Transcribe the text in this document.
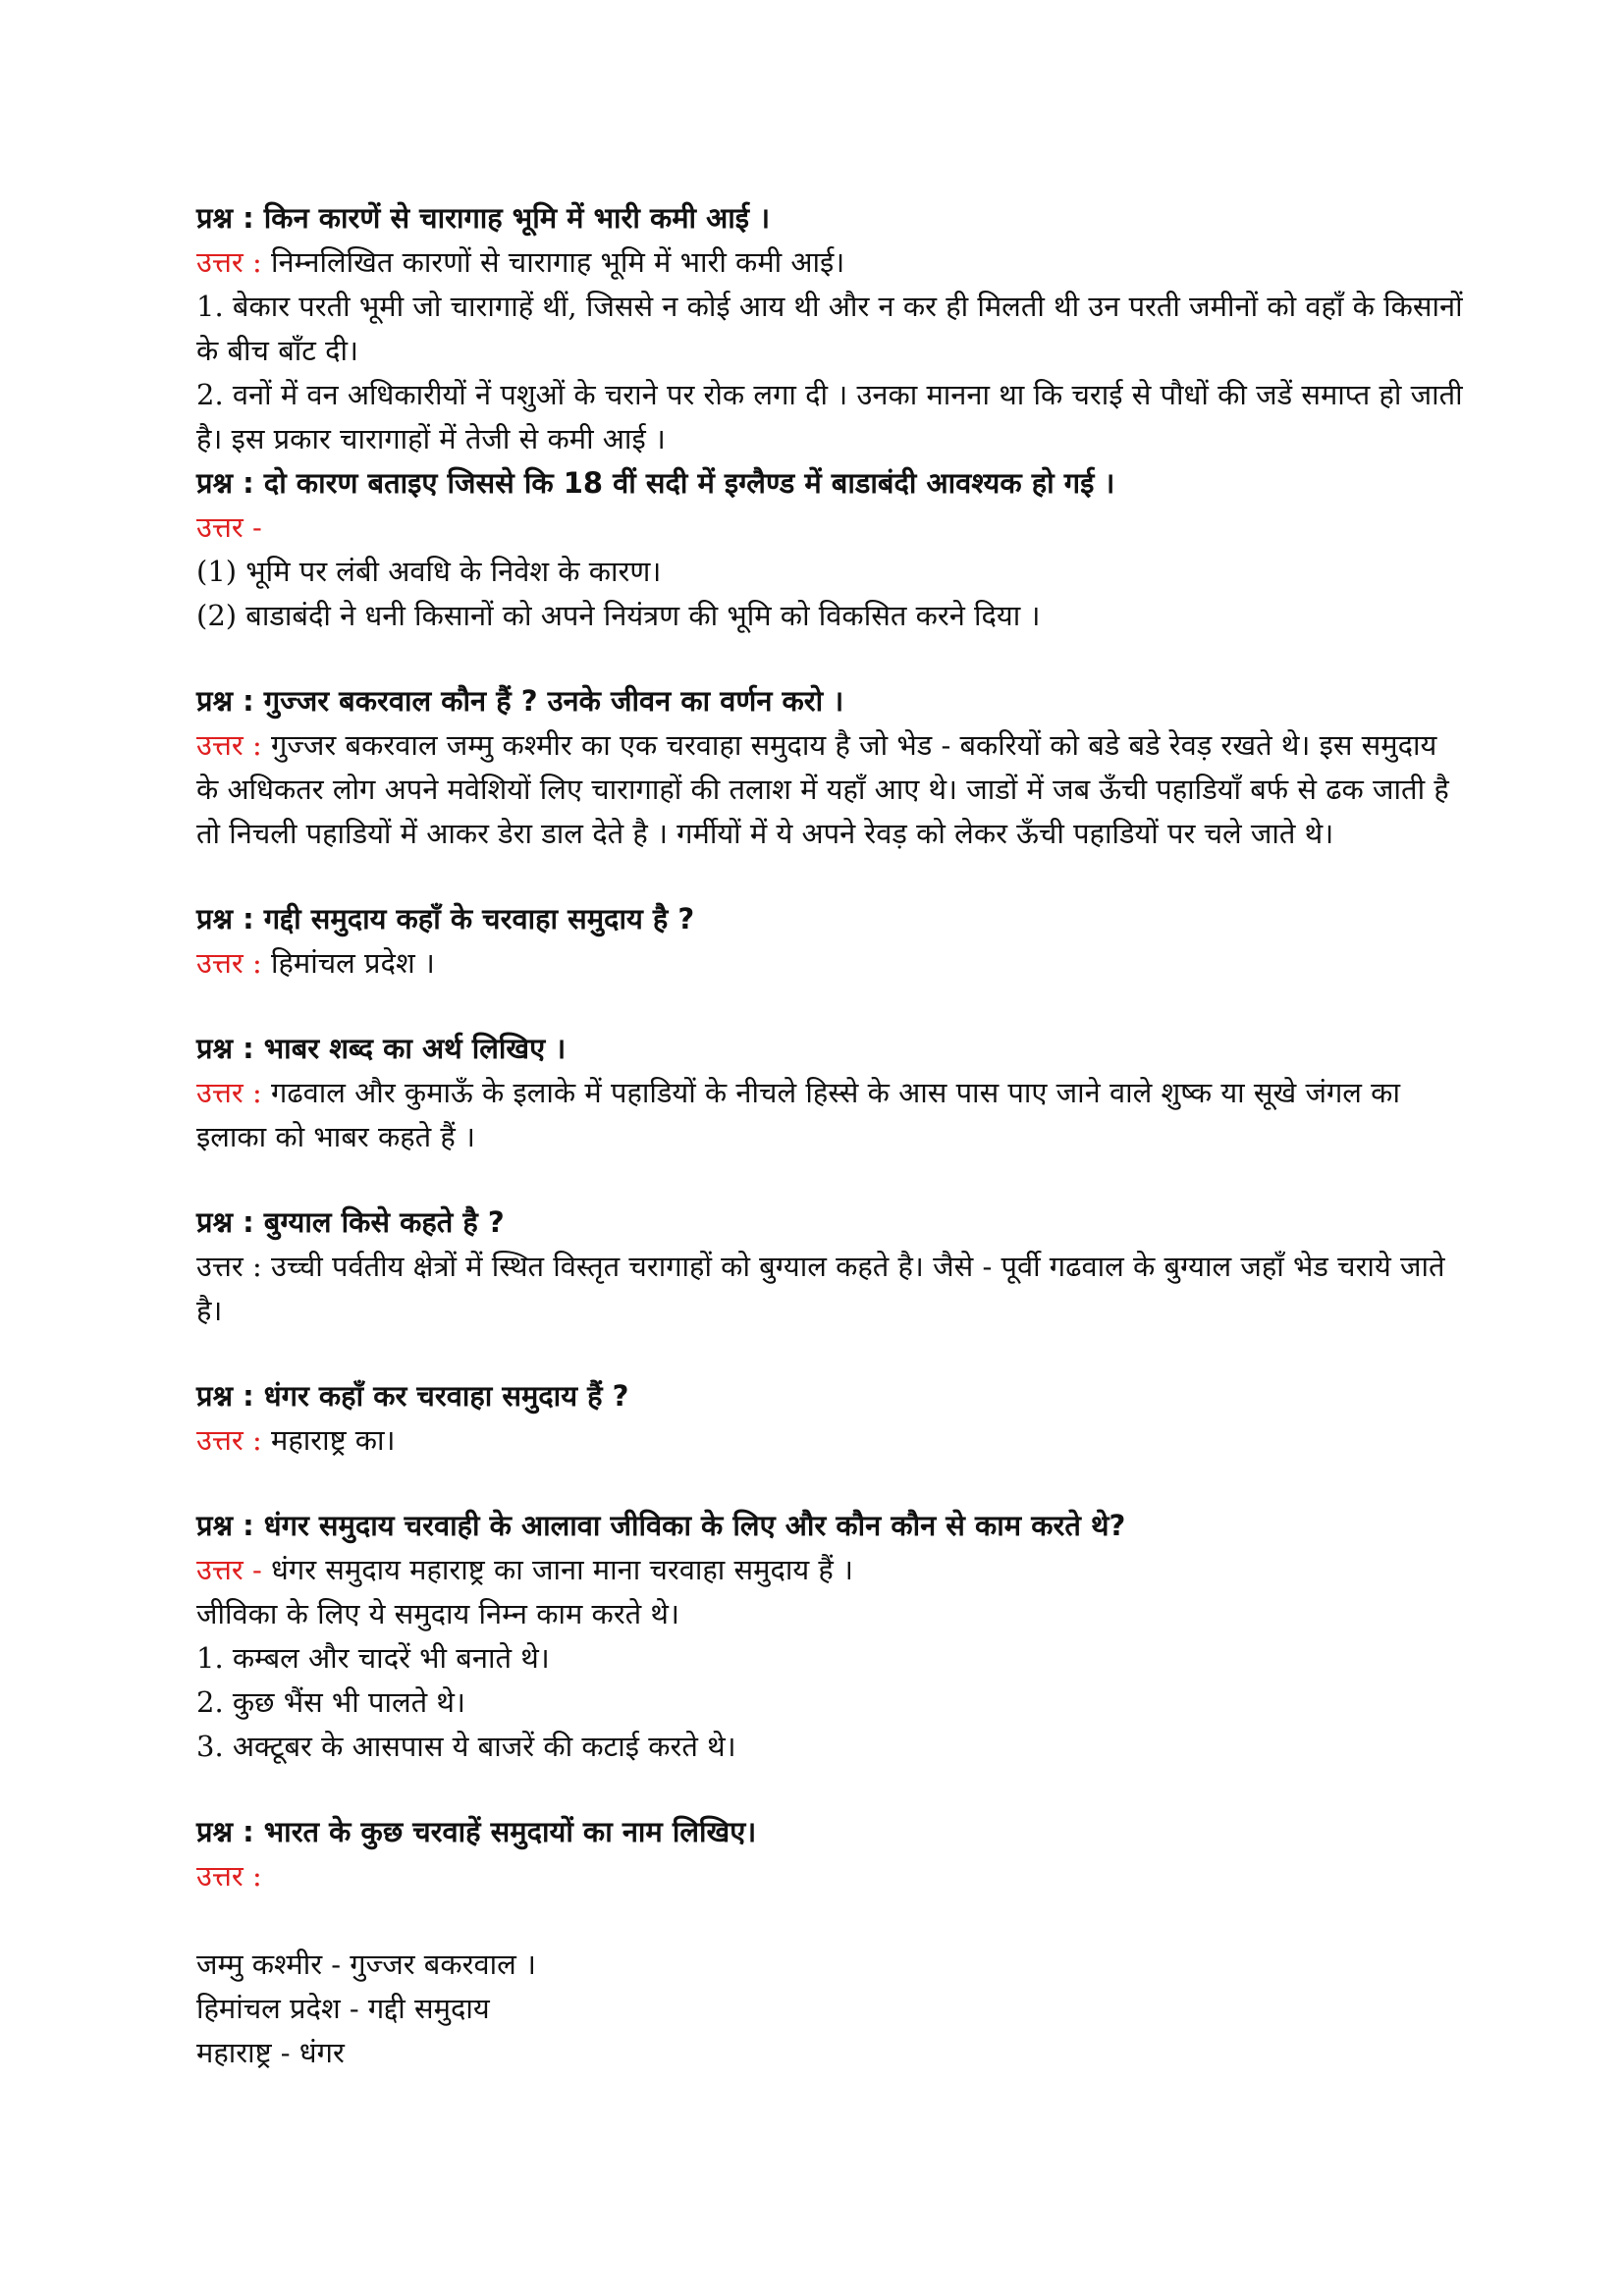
प्रश्न : किन कारणें से चारागाह भूमि में भारी कमी आई ।
उत्तर : निम्नलिखित कारणों से चारागाह भूमि में भारी कमी आई।
1. बेकार परती भूमी जो चारागाहें थीं, जिससे न कोई आय थी और न कर ही मिलती थी उन परती जमीनों को वहाँ के किसानों के बीच बाँट दी।
2. वनों में वन अधिकारीयों नें पशुओं के चराने पर रोक लगा दी । उनका मानना था कि चराई से पौधों की जडें समाप्त हो जाती है। इस प्रकार चारागाहों में तेजी से कमी आई ।
प्रश्न : दो कारण बताइए जिससे कि 18 वीं सदी में इग्लैण्ड में बाडाबंदी आवश्यक हो गई ।
उत्तर -
(1) भूमि पर लंबी अवधि के निवेश के कारण।
(2) बाडाबंदी ने धनी किसानों को अपने नियंत्रण की भूमि को विकसित करने दिया ।
प्रश्न : गुज्जर बकरवाल कौन हैं ? उनके जीवन का वर्णन करो ।
उत्तर : गुज्जर बकरवाल जम्मु कश्मीर का एक चरवाहा समुदाय है जो भेड - बकरियों को बडे बडे रेवड़ रखते थे। इस समुदाय के अधिकतर लोग अपने मवेशियों लिए चारागाहों की तलाश में यहाँ आए थे। जाडों में जब ऊँची पहाडियाँ बर्फ से ढक जाती है तो निचली पहाडियों में आकर डेरा डाल देते है । गर्मीयों में ये अपने रेवड़ को लेकर ऊँची पहाडियों पर चले जाते थे।
प्रश्न : गद्दी समुदाय कहाँ के चरवाहा समुदाय है ?
उत्तर : हिमांचल प्रदेश ।
प्रश्न : भाबर शब्द का अर्थ लिखिए ।
उत्तर : गढवाल और कुमाऊँ के इलाके में पहाडियों के नीचले हिस्से के आस पास पाए जाने वाले शुष्क या सूखे जंगल का इलाका को भाबर कहते हैं ।
प्रश्न : बुग्याल किसे कहते है ?
उत्तर : उच्ची पर्वतीय क्षेत्रों में स्थित विस्तृत चरागाहों को बुग्याल कहते है। जैसे - पूर्वी गढवाल के बुग्याल जहाँ भेड चराये जाते है।
प्रश्न : धंगर कहाँ कर चरवाहा समुदाय हैं ?
उत्तर : महाराष्ट्र का।
प्रश्न : धंगर समुदाय चरवाही के आलावा जीविका के लिए और कौन कौन से काम करते थे?
उत्तर - धंगर समुदाय महाराष्ट्र का जाना माना चरवाहा समुदाय हैं ।
जीविका के लिए ये समुदाय निम्न काम करते थे।
1. कम्बल और चादरें भी बनाते थे।
2. कुछ भैंस भी पालते थे।
3. अक्टूबर के आसपास ये बाजरें की कटाई करते थे।
प्रश्न : भारत के कुछ चरवाहें समुदायों का नाम लिखिए।
उत्तर :
जम्मु कश्मीर - गुज्जर बकरवाल ।
हिमांचल प्रदेश - गद्दी समुदाय
महाराष्ट्र - धंगर
